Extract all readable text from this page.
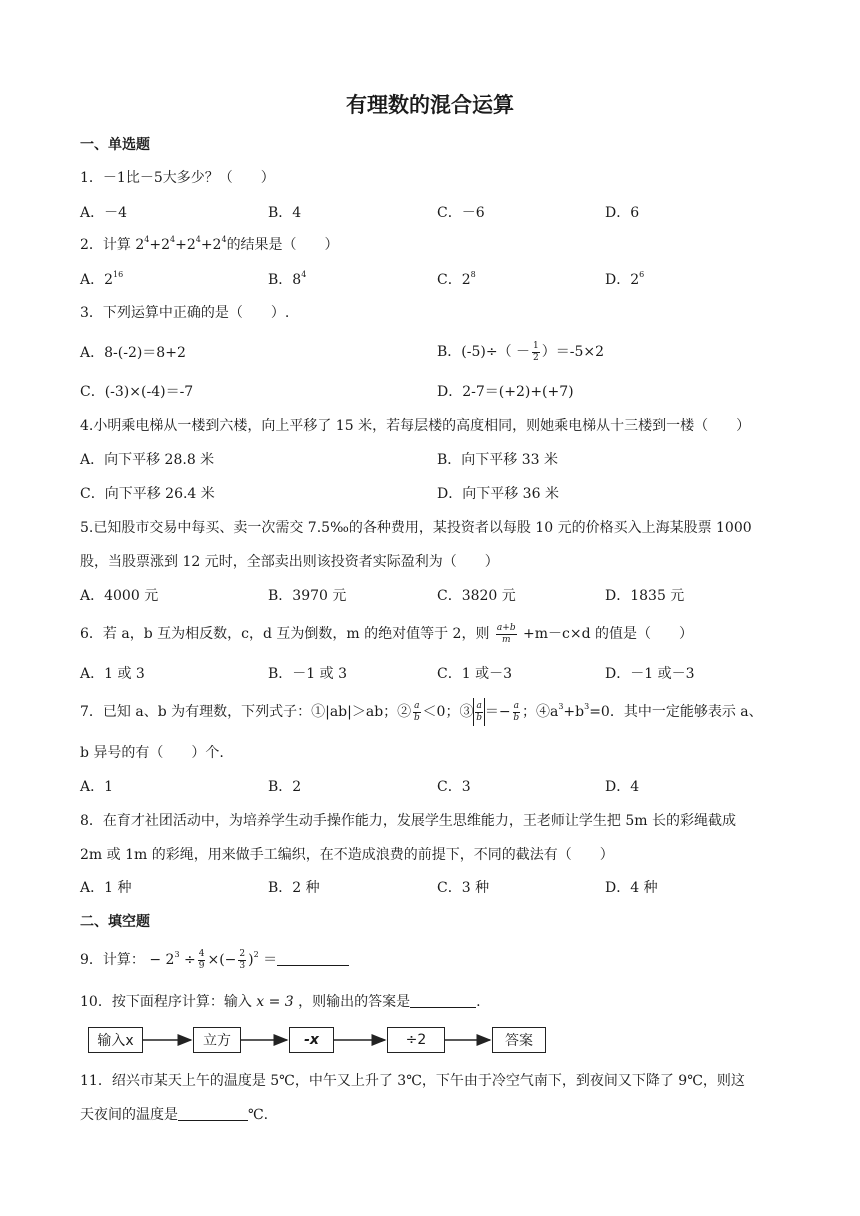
有理数的混合运算
一、单选题
1．－1比－5大多少？（　　）
A．－4	B．4	C．－6	D．6
2．计算 $2^4+2^4+2^4+2^4$的结果是（　　）
A．$2^{16}$	B．$8^4$	C．$2^8$	D．$2^6$
3．下列运算中正确的是（　　）.
A．8-(-2)＝8+2	B．$(-5)\div( - \frac{1}{2} )=-5\times 2$
C．(-3)×(-4)＝-7	D．2-7＝(+2)+(+7)
4.小明乘电梯从一楼到六楼，向上平移了 15 米，若每层楼的高度相同，则她乘电梯从十三楼到一楼（　　）
A．向下平移 28.8 米	B．向下平移 33 米
C．向下平移 26.4 米	D．向下平移 36 米
5.已知股市交易中每买、卖一次需交 7.5‰的各种费用，某投资者以每股 10 元的价格买入上海某股票 1000
股，当股票涨到 12 元时，全部卖出则该投资者实际盈利为（　　）
A．4000 元	B．3970 元	C．3820 元	D．1835 元
6．若 a，b 互为相反数，c，d 互为倒数，m 的绝对值等于 2，则 $\frac{a+b}{m} +m-c\times d$ 的值是（　　）
A．1 或 3	B．－1 或 3	C．1 或－3	D．－1 或－3
7．已知 a、b 为有理数，下列式子：①|ab|＞ab；② $\frac{a}{b} <0$；③ $\frac{a}{b} =- \frac{a}{b}$ ；$④a^3+b^3=0$．其中一定能够表示 a、
b 异号的有（　　）个.
A．1	B．2	C．3	D．4
8．在育才社团活动中，为培养学生动手操作能力，发展学生思维能力，王老师让学生把 5m 长的彩绳截成
2m 或 1m 的彩绳，用来做手工编织，在不造成浪费的前提下，不同的截法有（　　）
A．1 种	B．2 种	C．3 种	D．4 种
二、填空题
9．计算： − $2^3 \div \frac{4}{9}$ ×(− $\frac{2}{3} )^2$ ＝
10．按下面程序计算：输入 x = 3 ，则输出的答案是	.
输入x	立方	-x	÷2	答案
11．绍兴市某天上午的温度是 5℃，中午又上升了 3℃，下午由于冷空气南下，到夜间又下降了 9℃，则这
天夜间的温度是	℃.
